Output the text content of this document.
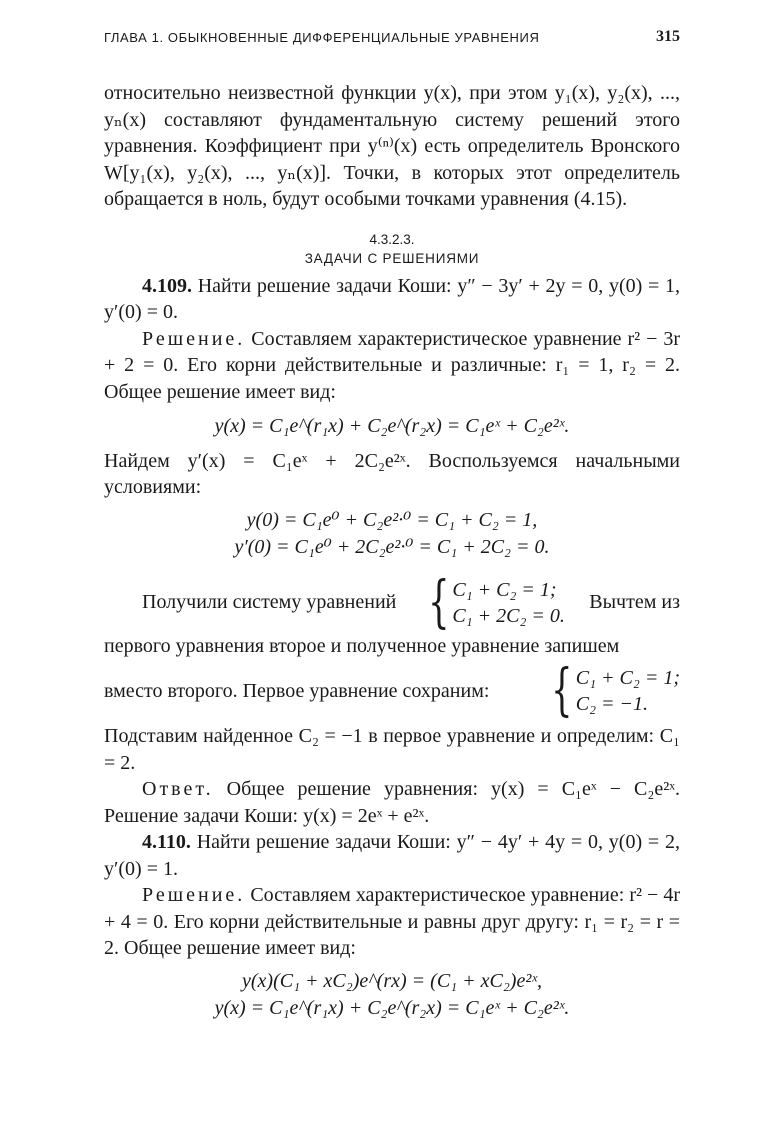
ГЛАВА 1. ОБЫКНОВЕННЫЕ ДИФФЕРЕНЦИАЛЬНЫЕ УРАВНЕНИЯ	315

относительно неизвестной функции y(x), при этом y₁(x), y₂(x), ..., yₙ(x) составляют фундаментальную систему решений этого уравнения. Коэффициент при y⁽ⁿ⁾(x) есть определитель Вронского W[y₁(x), y₂(x), ..., yₙ(x)]. Точки, в которых этот определитель обращается в ноль, будут особыми точками уравнения (4.15).

4.3.2.3.
ЗАДАЧИ С РЕШЕНИЯМИ

4.109. Найти решение задачи Коши: y″ − 3y′ + 2y = 0, y(0) = 1, y′(0) = 0.

Решение. Составляем характеристическое уравнение r² − 3r + 2 = 0. Его корни действительные и различные: r₁ = 1, r₂ = 2. Общее решение имеет вид:

y(x) = C₁e^(r₁x) + C₂e^(r₂x) = C₁eˣ + C₂e²ˣ.

Найдем y′(x) = C₁eˣ + 2C₂e²ˣ. Воспользуемся начальными условиями:

y(0) = C₁e⁰ + C₂e²·⁰ = C₁ + C₂ = 1,
y′(0) = C₁e⁰ + 2C₂e²·⁰ = C₁ + 2C₂ = 0.
Получили систему уравнений { C₁ + C₂ = 1;
C₁ + 2C₂ = 0.
Вычтем из

первого уравнения второе и полученное уравнение запишем

вместо второго. Первое уравнение сохраним: { C₁ + C₂ = 1;
C₂ = −1.

Подставим найденное C₂ = −1 в первое уравнение и определим: C₁ = 2.

Ответ. Общее решение уравнения: y(x) = C₁eˣ − C₂e²ˣ. Решение задачи Коши: y(x) = 2eˣ + e²ˣ.

4.110. Найти решение задачи Коши: y″ − 4y′ + 4y = 0, y(0) = 2, y′(0) = 1.

Решение. Составляем характеристическое уравнение: r² − 4r + 4 = 0. Его корни действительные и равны друг другу: r₁ = r₂ = r = 2. Общее решение имеет вид:

y(x)(C₁ + xC₂)e^(rx) = (C₁ + xC₂)e²ˣ,
y(x) = C₁e^(r₁x) + C₂e^(r₂x) = C₁eˣ + C₂e²ˣ.
